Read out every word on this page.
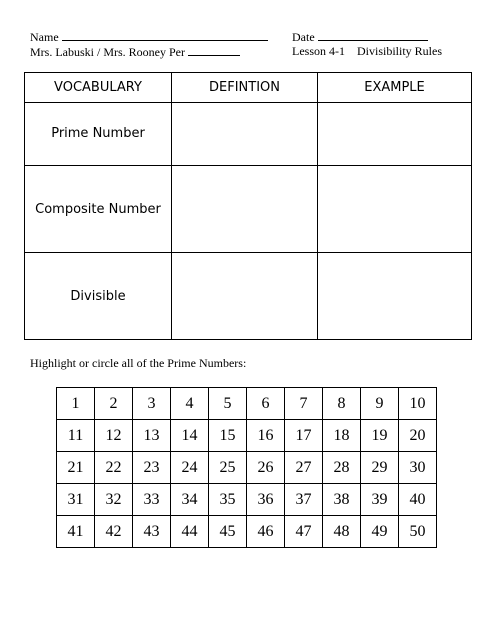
Name	Date
Mrs. Labuski / Mrs. Rooney Per	Lesson 4-1 Divisibility Rules
VOCABULARY	DEFINTION	EXAMPLE
Prime Number		
Composite Number		
Divisible		
Highlight or circle all of the Prime Numbers:
1	2	3	4	5	6	7	8	9	10
11	12	13	14	15	16	17	18	19	20
21	22	23	24	25	26	27	28	29	30
31	32	33	34	35	36	37	38	39	40
41	42	43	44	45	46	47	48	49	50
